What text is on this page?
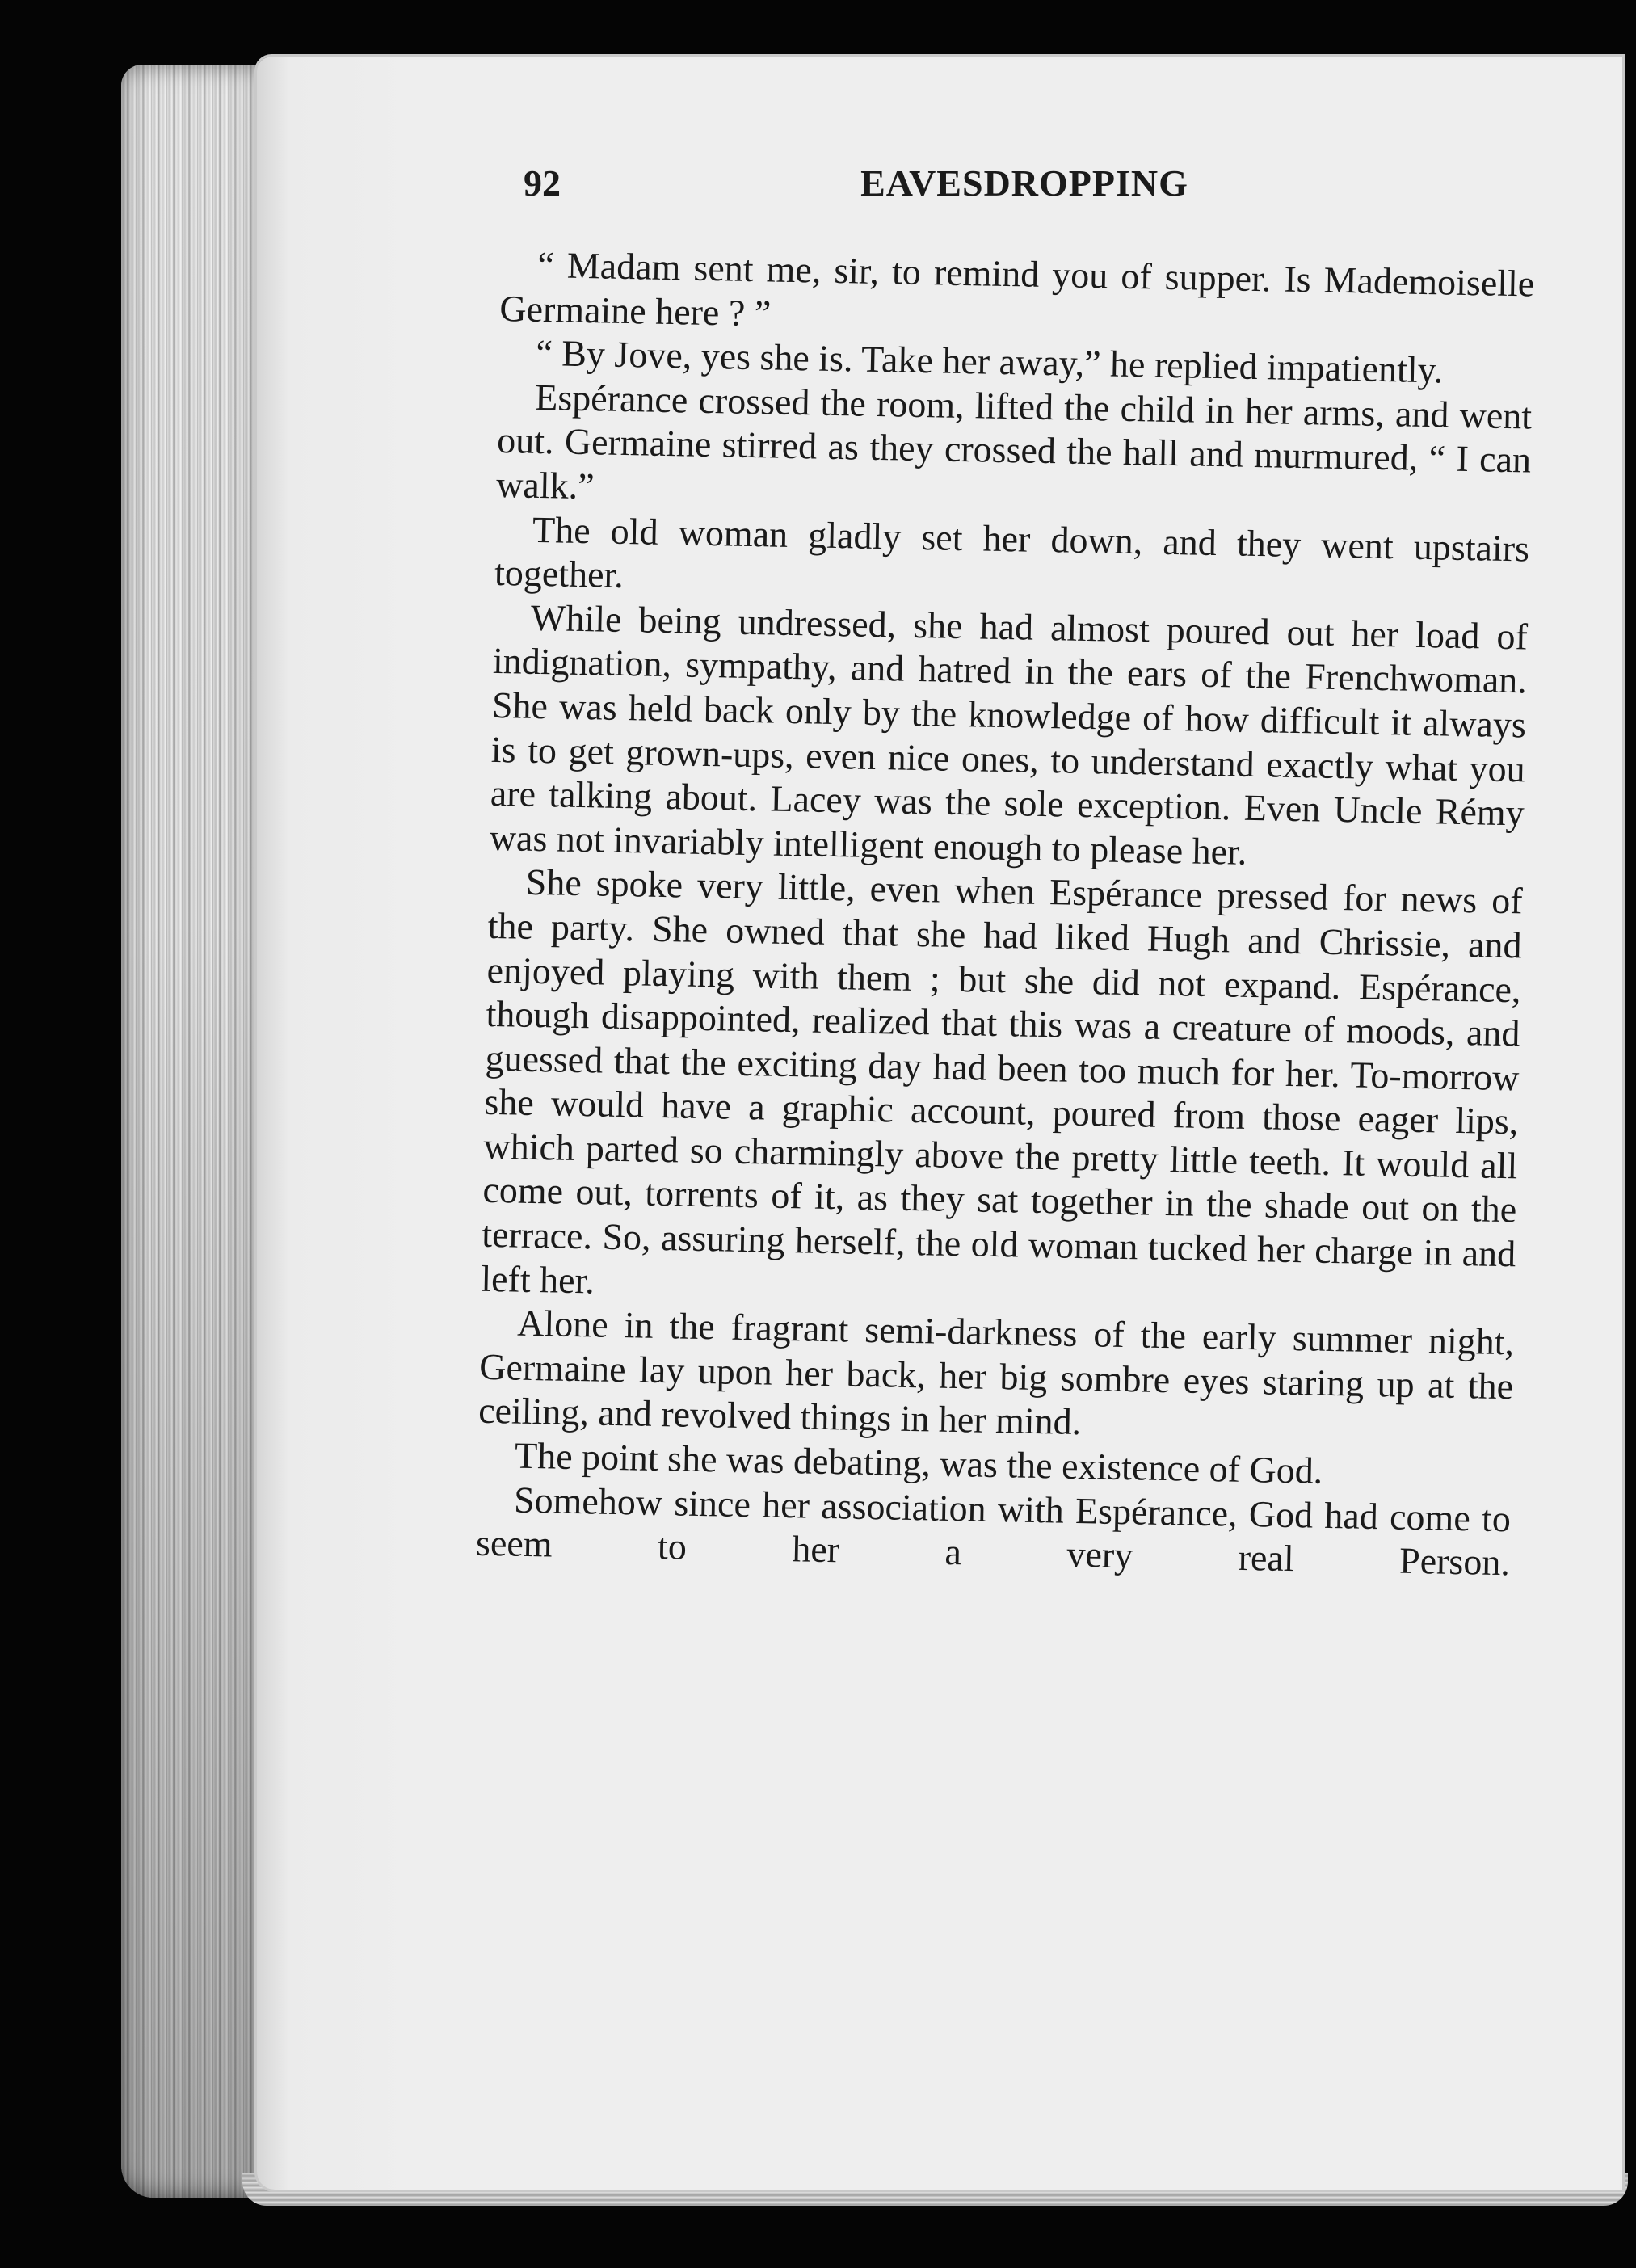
92	EAVESDROPPING

“ Madam sent me, sir, to remind you of supper. Is Mademoiselle Germaine here ? ”

“ By Jove, yes she is. Take her away,” he replied impatiently.

Espérance crossed the room, lifted the child in her arms, and went out. Germaine stirred as they crossed the hall and murmured, “ I can walk.”

The old woman gladly set her down, and they went upstairs together.

While being undressed, she had almost poured out her load of indignation, sympathy, and hatred in the ears of the Frenchwoman. She was held back only by the knowledge of how difficult it always is to get grown-ups, even nice ones, to understand exactly what you are talking about. Lacey was the sole exception. Even Uncle Rémy was not invariably intelligent enough to please her.

She spoke very little, even when Espérance pressed for news of the party. She owned that she had liked Hugh and Chrissie, and enjoyed playing with them ; but she did not expand. Espérance, though disappointed, realized that this was a creature of moods, and guessed that the exciting day had been too much for her. To-morrow she would have a graphic account, poured from those eager lips, which parted so charmingly above the pretty little teeth. It would all come out, torrents of it, as they sat together in the shade out on the terrace. So, assuring herself, the old woman tucked her charge in and left her.

Alone in the fragrant semi-darkness of the early summer night, Germaine lay upon her back, her big sombre eyes staring up at the ceiling, and revolved things in her mind.

The point she was debating, was the existence of God.

Somehow since her association with Espérance, God had come to seem to her a very real Person.
